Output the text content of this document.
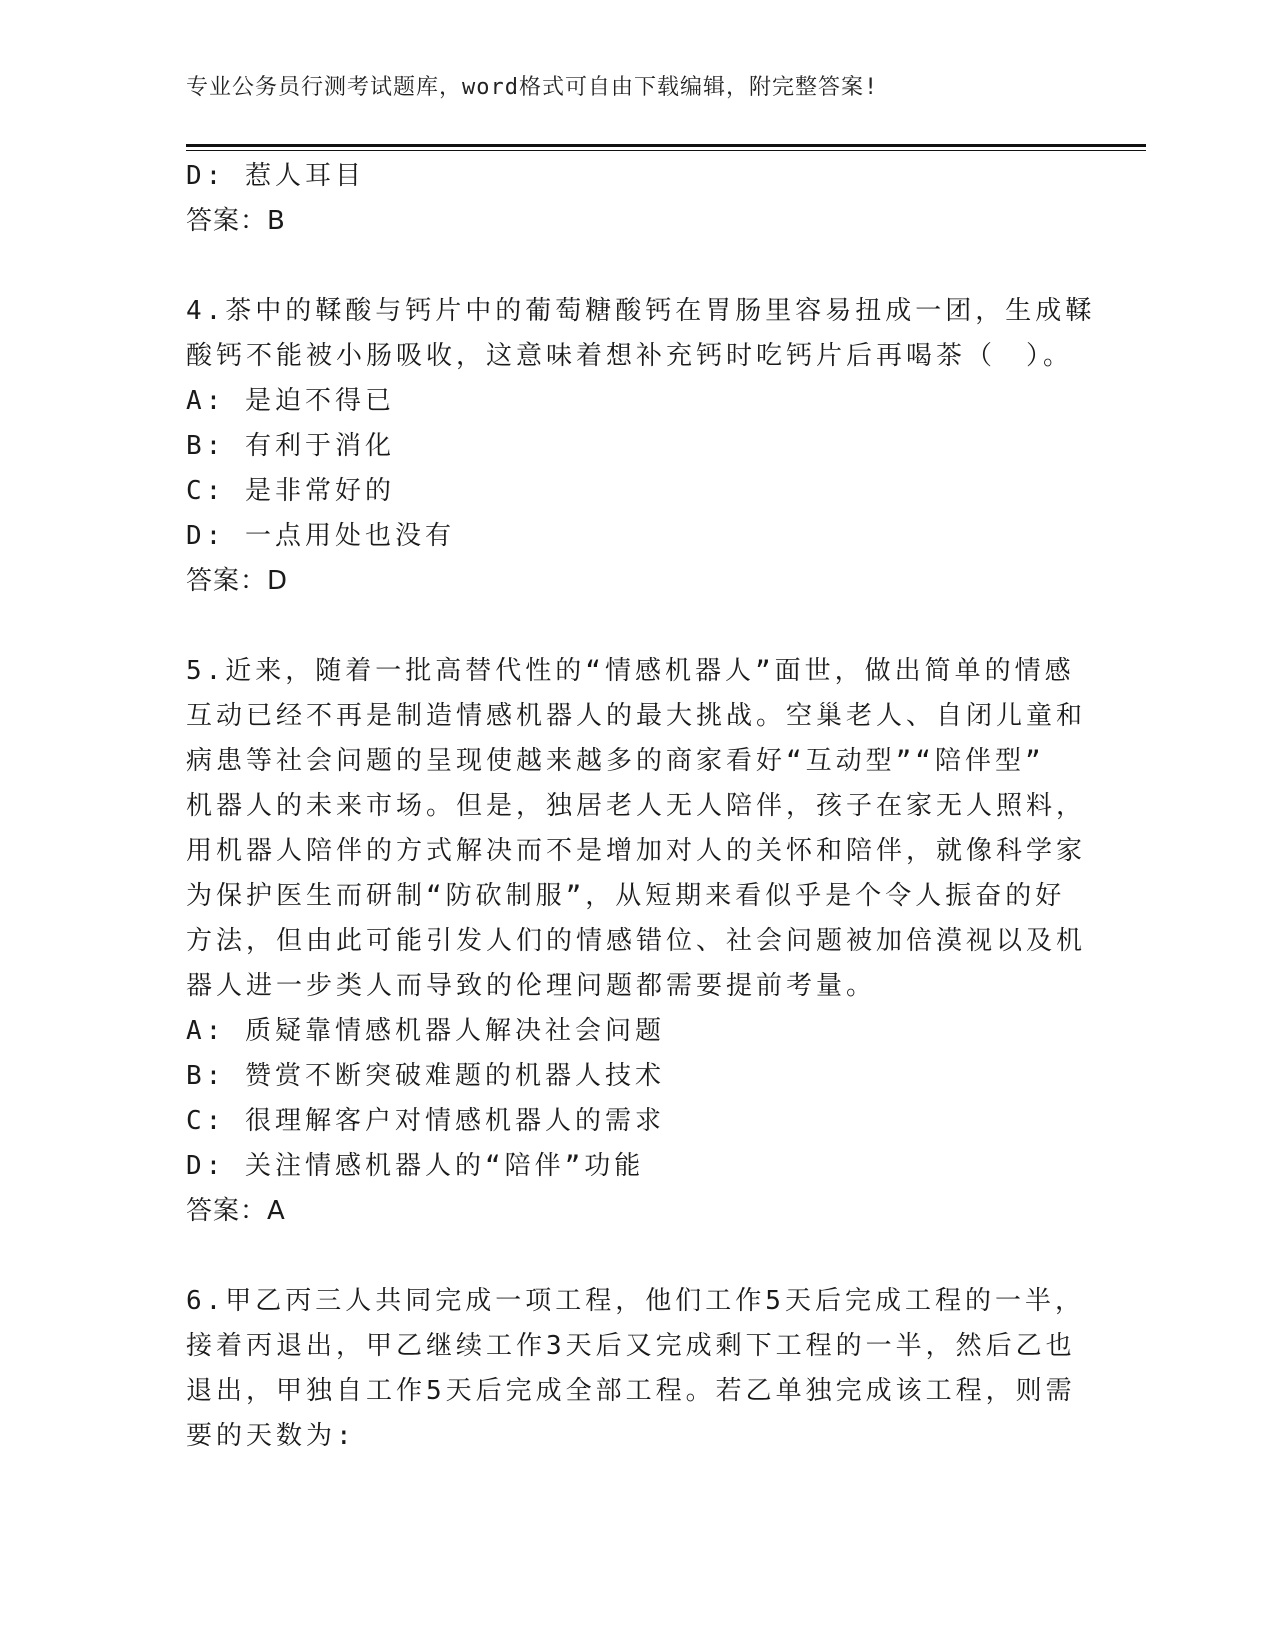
专业公务员行测考试题库，word格式可自由下载编辑，附完整答案!
D: 惹人耳目
答案：B
4.茶中的鞣酸与钙片中的葡萄糖酸钙在胃肠里容易扭成一团，生成鞣
酸钙不能被小肠吸收，这意味着想补充钙时吃钙片后再喝茶（　）。
A: 是迫不得已
B: 有利于消化
C: 是非常好的
D: 一点用处也没有
答案：D
5.近来，随着一批高替代性的“情感机器人”面世，做出简单的情感
互动已经不再是制造情感机器人的最大挑战。空巢老人、自闭儿童和
病患等社会问题的呈现使越来越多的商家看好“互动型”“陪伴型”
机器人的未来市场。但是，独居老人无人陪伴，孩子在家无人照料，
用机器人陪伴的方式解决而不是增加对人的关怀和陪伴，就像科学家
为保护医生而研制“防砍制服”，从短期来看似乎是个令人振奋的好
方法，但由此可能引发人们的情感错位、社会问题被加倍漠视以及机
器人进一步类人而导致的伦理问题都需要提前考量。
A: 质疑靠情感机器人解决社会问题
B: 赞赏不断突破难题的机器人技术
C: 很理解客户对情感机器人的需求
D: 关注情感机器人的“陪伴”功能
答案：A
6.甲乙丙三人共同完成一项工程，他们工作5天后完成工程的一半，
接着丙退出，甲乙继续工作3天后又完成剩下工程的一半，然后乙也
退出，甲独自工作5天后完成全部工程。若乙单独完成该工程，则需
要的天数为:
